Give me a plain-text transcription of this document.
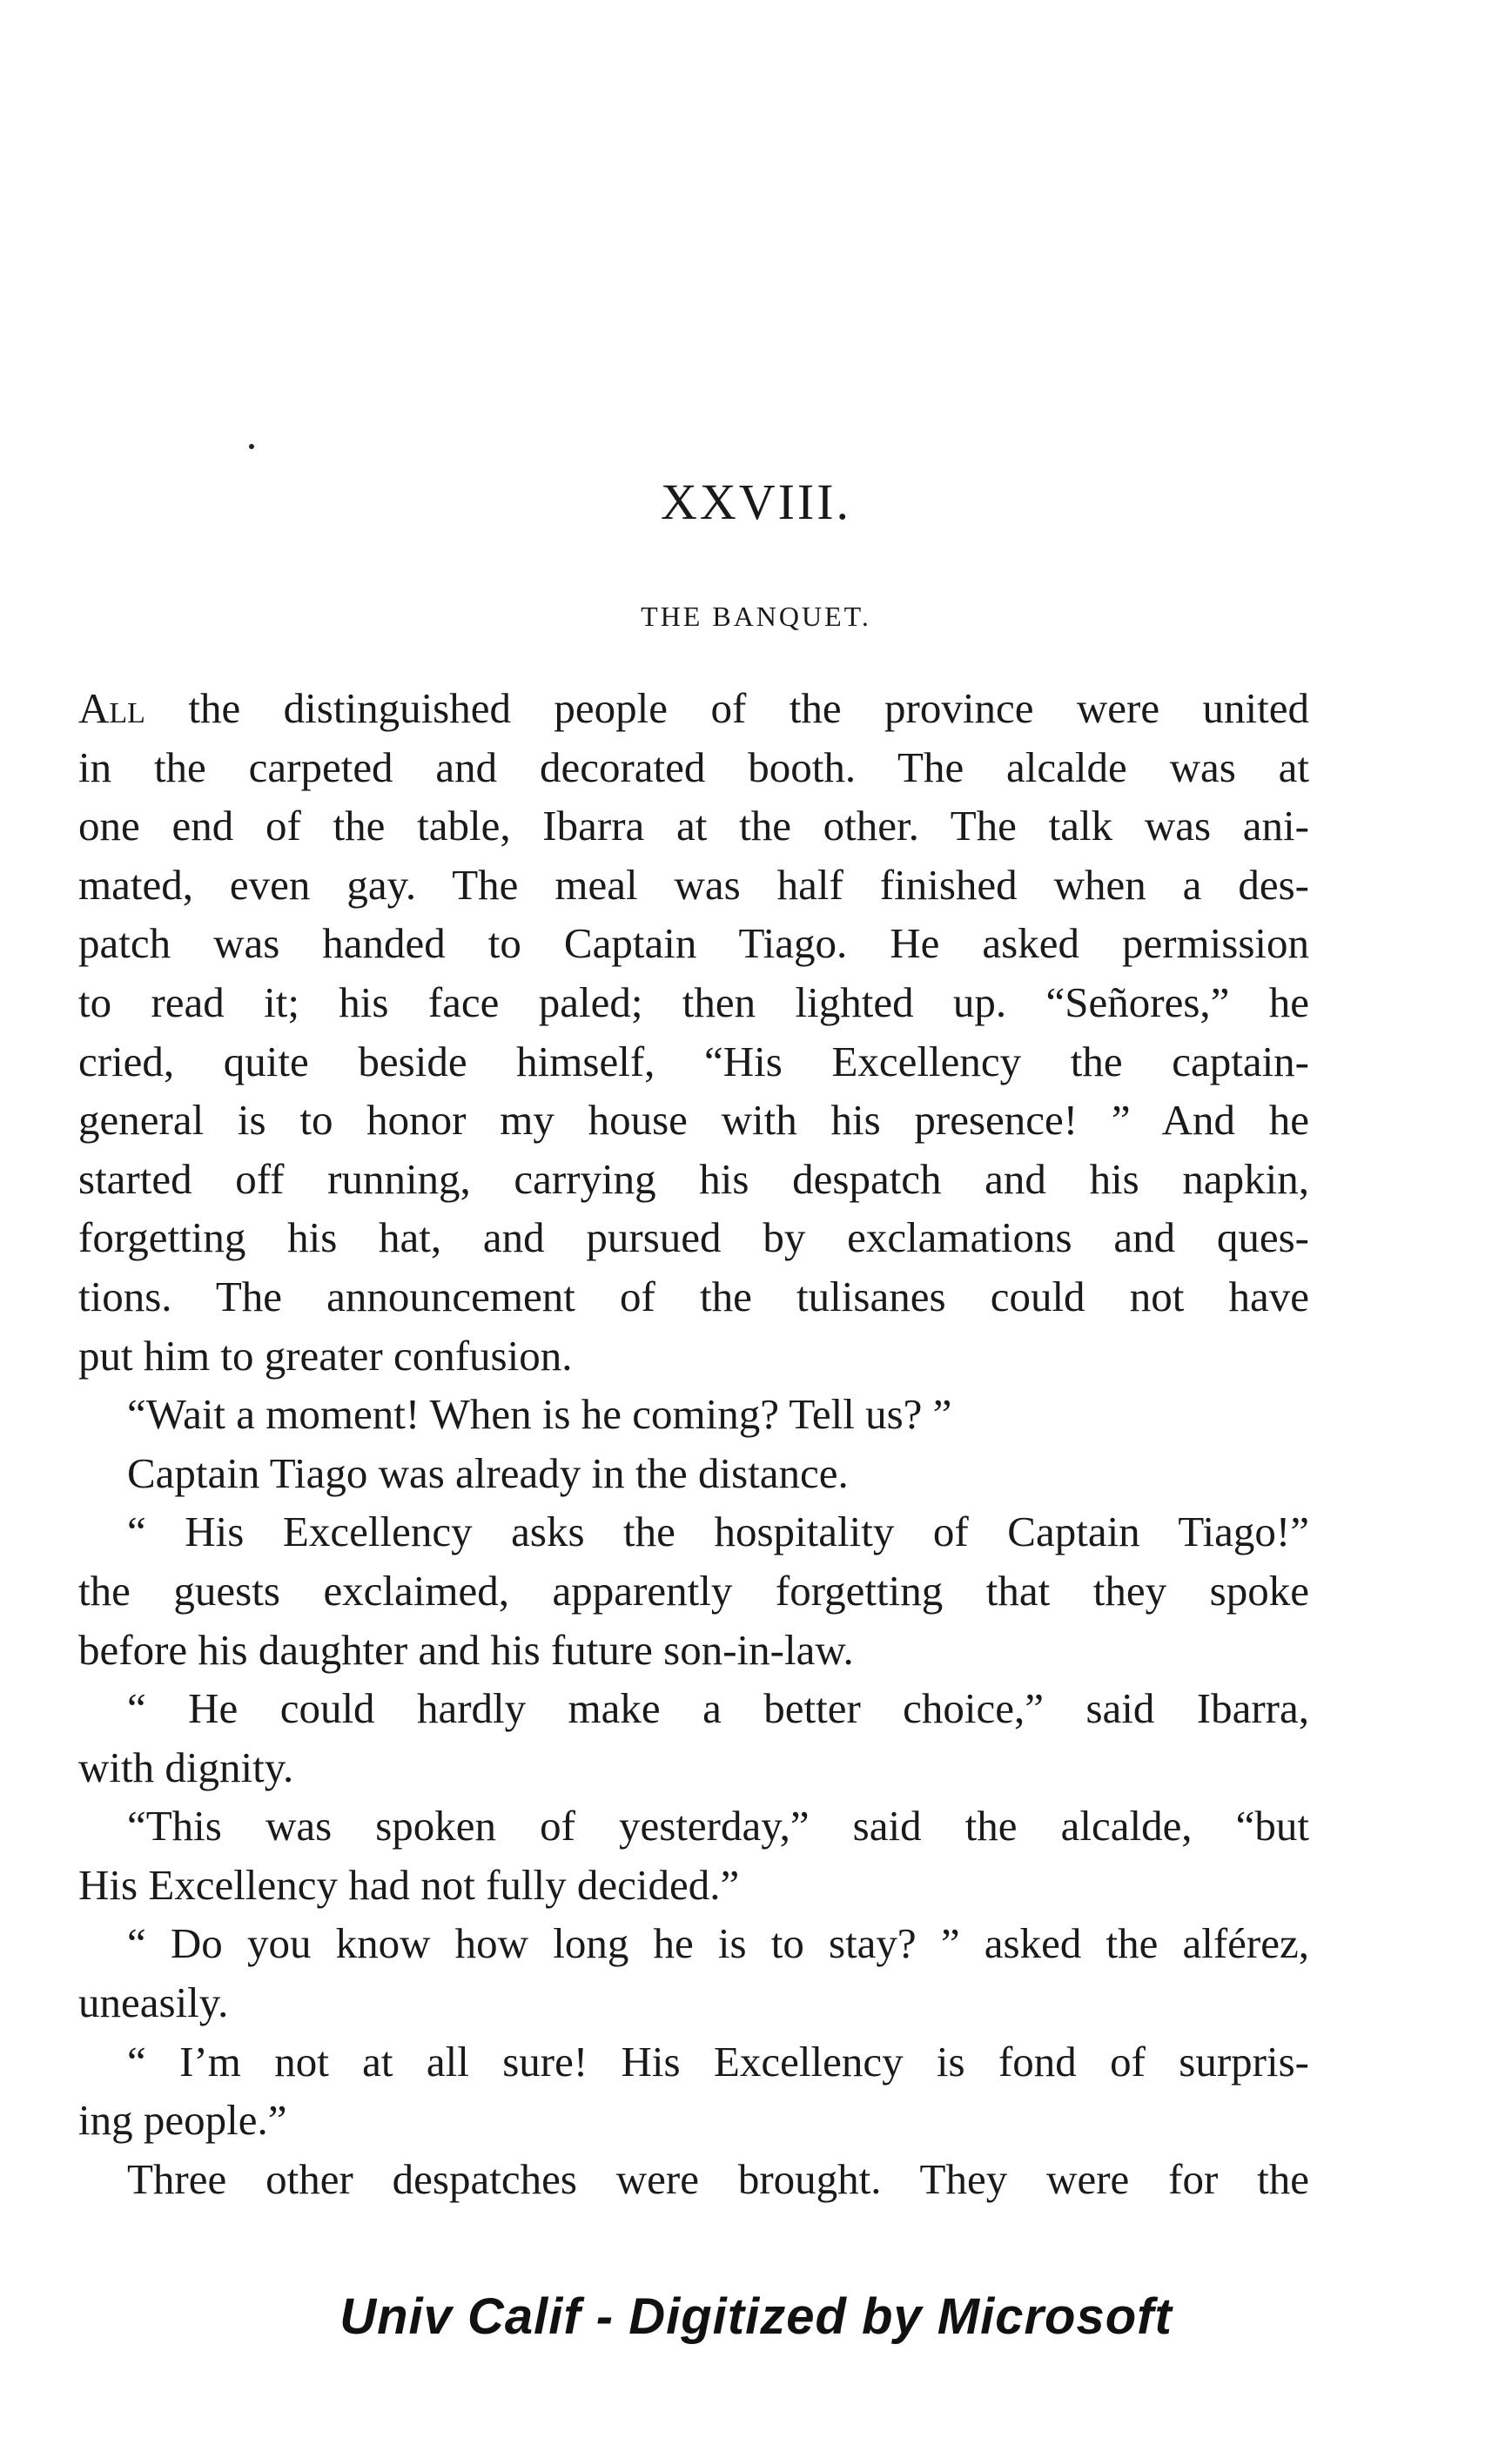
XXVIII.
THE BANQUET.
All the distinguished people of the province were united
in the carpeted and decorated booth. The alcalde was at
one end of the table, Ibarra at the other. The talk was ani-
mated, even gay. The meal was half finished when a des-
patch was handed to Captain Tiago. He asked permission
to read it; his face paled; then lighted up. “Señores,” he
cried, quite beside himself, “His Excellency the captain-
general is to honor my house with his presence! ” And he
started off running, carrying his despatch and his napkin,
forgetting his hat, and pursued by exclamations and ques-
tions. The announcement of the tulisanes could not have
put him to greater confusion.
“Wait a moment! When is he coming? Tell us? ”
Captain Tiago was already in the distance.
“ His Excellency asks the hospitality of Captain Tiago!”
the guests exclaimed, apparently forgetting that they spoke
before his daughter and his future son-in-law.
“ He could hardly make a better choice,” said Ibarra,
with dignity.
“This was spoken of yesterday,” said the alcalde, “but
His Excellency had not fully decided.”
“ Do you know how long he is to stay? ” asked the alférez,
uneasily.
“ I’m not at all sure! His Excellency is fond of surpris-
ing people.”
Three other despatches were brought. They were for the
Univ Calif - Digitized by Microsoft
